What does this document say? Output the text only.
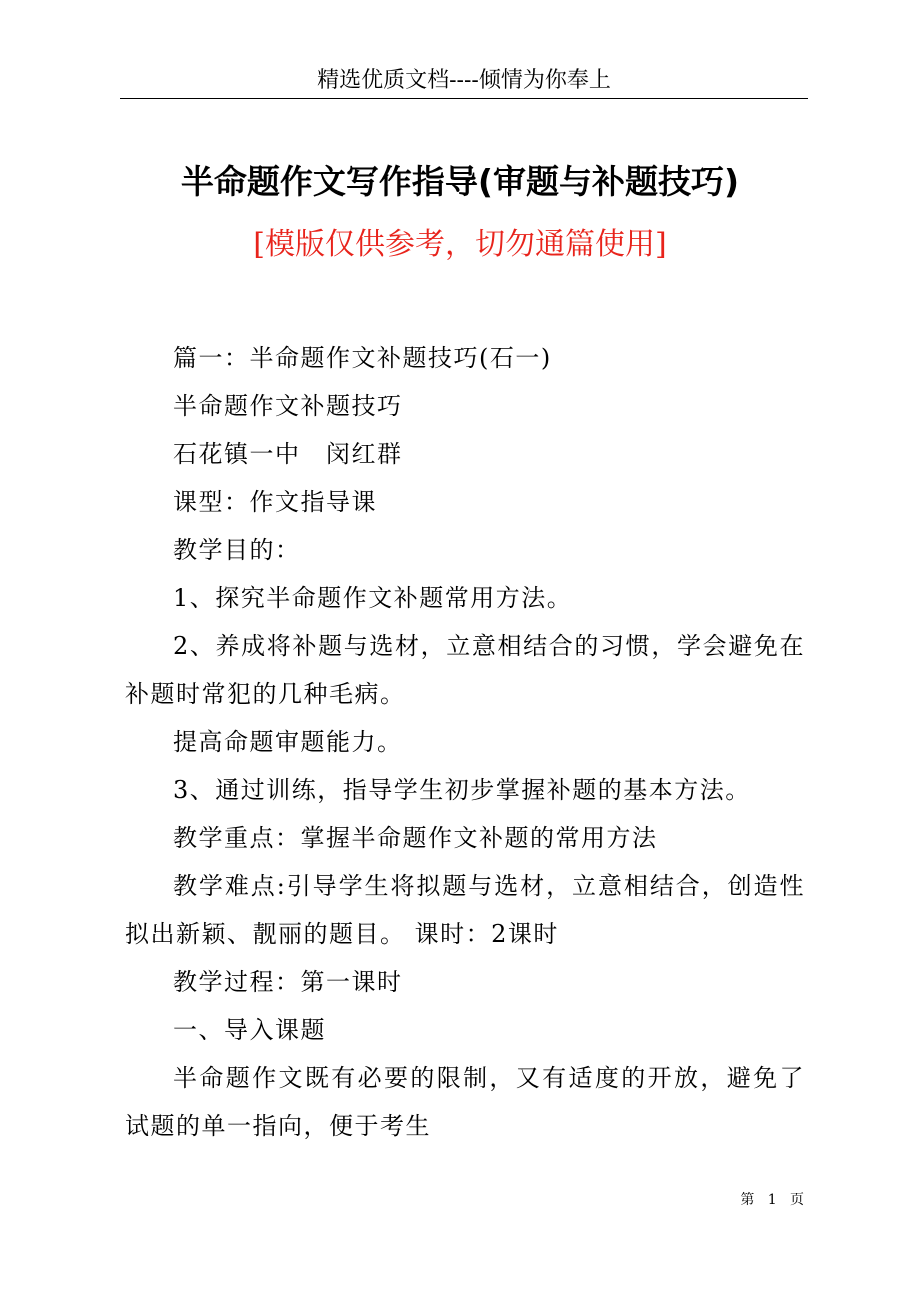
精选优质文档----倾情为你奉上
半命题作文写作指导(审题与补题技巧)
[模版仅供参考，切勿通篇使用]

篇一：半命题作文补题技巧(石一)

半命题作文补题技巧

石花镇一中　闵红群

课型：作文指导课

教学目的：

1、探究半命题作文补题常用方法。

2、养成将补题与选材，立意相结合的习惯，学会避免在补题时常犯的几种毛病。

提高命题审题能力。

3、通过训练，指导学生初步掌握补题的基本方法。

教学重点：掌握半命题作文补题的常用方法

教学难点:引导学生将拟题与选材，立意相结合，创造性拟出新颖、靓丽的题目。 课时：2课时

教学过程：第一课时

一、导入课题

半命题作文既有必要的限制，又有适度的开放，避免了试题的单一指向，便于考生

第 1 页
